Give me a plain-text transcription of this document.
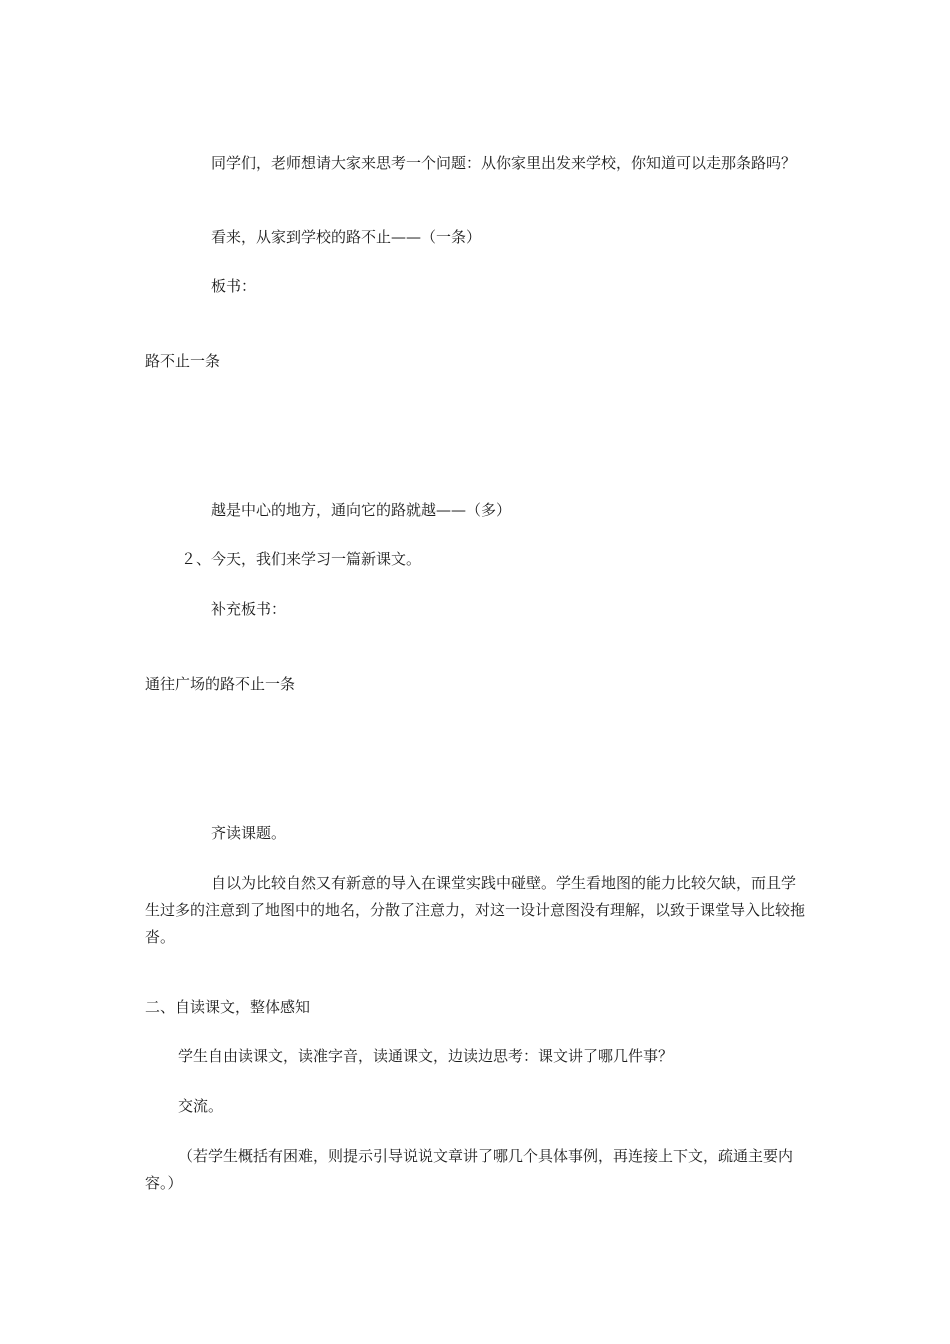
同学们，老师想请大家来思考一个问题：从你家里出发来学校，你知道可以走那条路吗？

看来，从家到学校的路不止——（一条）

板书：

路不止一条

越是中心的地方，通向它的路就越——（多）

２、今天，我们来学习一篇新课文。

补充板书：

通往广场的路不止一条

齐读课题。

自以为比较自然又有新意的导入在课堂实践中碰壁。学生看地图的能力比较欠缺，而且学生过多的注意到了地图中的地名，分散了注意力，对这一设计意图没有理解，以致于课堂导入比较拖沓。

二、自读课文，整体感知

学生自由读课文，读准字音，读通课文，边读边思考：课文讲了哪几件事？

交流。

（若学生概括有困难，则提示引导说说文章讲了哪几个具体事例，再连接上下文，疏通主要内容。）
